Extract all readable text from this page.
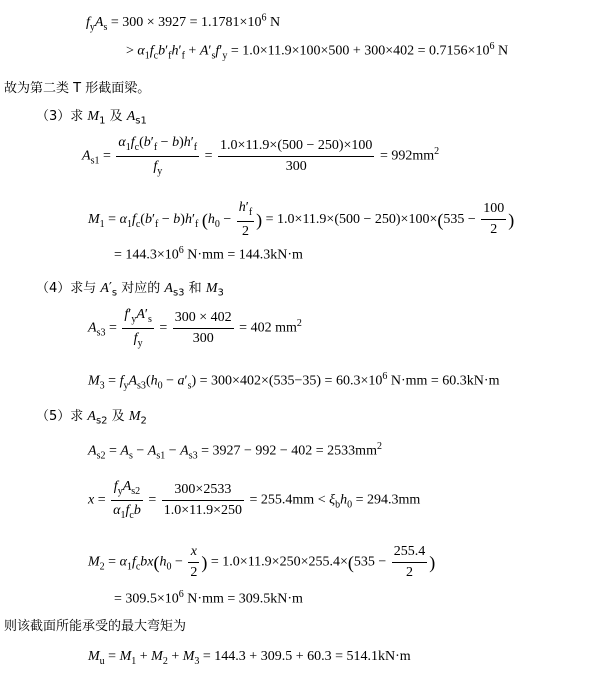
$f_yA_s = 300 \times 3927 = 1.1781\times 10^6$ N
> $\alpha_1f_cb'_fh'_f + A'_sf'_y = 1.0\times 11.9\times 100\times 500 + 300\times 402 = 0.7156\times 10^6$ N
故为第二类 T 形截面梁。
（3）求 $M_1$ 及 $A_{s1}$
$A_{s1} = \frac{\alpha_1f_c(b'_f - b)h'_f}{f_y} = \frac{1.0\times 11.9\times(500 - 250)\times 100}{300} = 992mm^2$
$M_1 = \alpha_1f_c(b'_f - b)h'_f$ ($h_0 - \frac{h'_f}{2}$ ) = $1.0\times 11.9\times(500 - 250)\times 100\times(535 - \frac{100}{2}$ )
= $144.3\times 10^6$ N·mm = 144.3kN·m
（4）求与 $A'_s$ 对应的 $A_{s3}$ 和 $M_3$
$A_{s3} = \frac{f'_yA'_s}{f_y} = \frac{300 \times 402}{300} = 402$ $mm^2$
$M_3 = f_yA_{s3}(h_0 - a'_s) = 300\times 402\times(535-35) = 60.3\times 10^6$ N·mm = 60.3kN·m
（5）求 $A_{s2}$ 及 $M_2$
$A_{s2} = A_s - A_{s1} - A_{s3} = 3927 - 992 - 402 = 2533mm^2$
$x = \frac{f_yA_{s2}}{\alpha_1f_cb} = \frac{300\times 2533}{1.0\times 11.9\times 250} = 255.4mm < \xi_bh_0 = 294.3mm$
$M_2 = \alpha_1f_cbx(h_0 - \frac{x}{2}$ ) = $1.0\times 11.9\times 250\times 255.4\times(535 - \frac{255.4}{2}$ )
= $309.5\times 10^6$ N·mm = 309.5kN·m
则该截面所能承受的最大弯矩为
$M_u = M_1 + M_2 + M_3 = 144.3 + 309.5 + 60.3 = 514.1kN\cdot m$
